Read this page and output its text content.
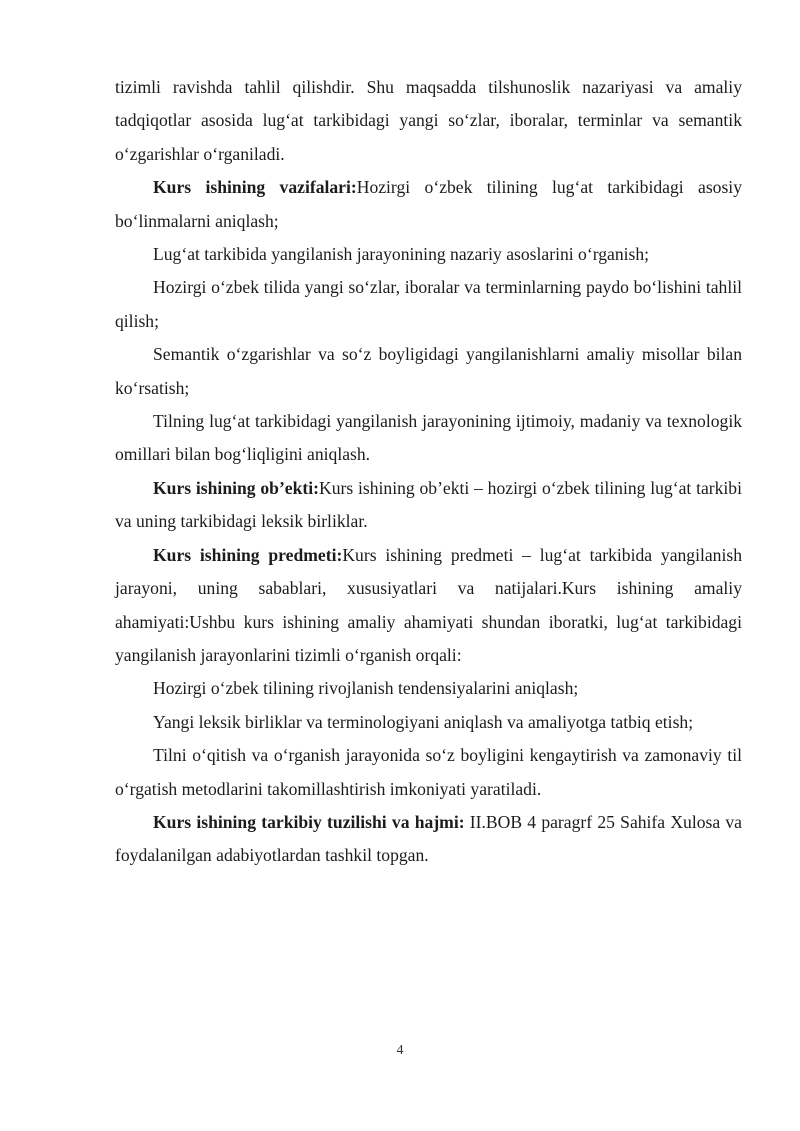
tizimli ravishda tahlil qilishdir. Shu maqsadda tilshunoslik nazariyasi va amaliy tadqiqotlar asosida lug‘at tarkibidagi yangi so‘zlar, iboralar, terminlar va semantik o‘zgarishlar o‘rganiladi.

Kurs ishining vazifalari:Hozirgi o‘zbek tilining lug‘at tarkibidagi asosiy bo‘linmalarni aniqlash;

Lug‘at tarkibida yangilanish jarayonining nazariy asoslarini o‘rganish;

Hozirgi o‘zbek tilida yangi so‘zlar, iboralar va terminlarning paydo bo‘lishini tahlil qilish;

Semantik o‘zgarishlar va so‘z boyligidagi yangilanishlarni amaliy misollar bilan ko‘rsatish;

Tilning lug‘at tarkibidagi yangilanish jarayonining ijtimoiy, madaniy va texnologik omillari bilan bog‘liqligini aniqlash.

Kurs ishining ob’ekti:Kurs ishining ob’ekti – hozirgi o‘zbek tilining lug‘at tarkibi va uning tarkibidagi leksik birliklar.

Kurs ishining predmeti:Kurs ishining predmeti – lug‘at tarkibida yangilanish jarayoni, uning sabablari, xususiyatlari va natijalari.Kurs ishining amaliy ahamiyati:Ushbu kurs ishining amaliy ahamiyati shundan iboratki, lug‘at tarkibidagi yangilanish jarayonlarini tizimli o‘rganish orqali:

Hozirgi o‘zbek tilining rivojlanish tendensiyalarini aniqlash;

Yangi leksik birliklar va terminologiyani aniqlash va amaliyotga tatbiq etish;

Tilni o‘qitish va o‘rganish jarayonida so‘z boyligini kengaytirish va zamonaviy til o‘rgatish metodlarini takomillashtirish imkoniyati yaratiladi.

Kurs ishining tarkibiy tuzilishi va hajmi: II.BOB 4 paragrf 25 Sahifa Xulosa va foydalanilgan adabiyotlardan tashkil topgan.

4
